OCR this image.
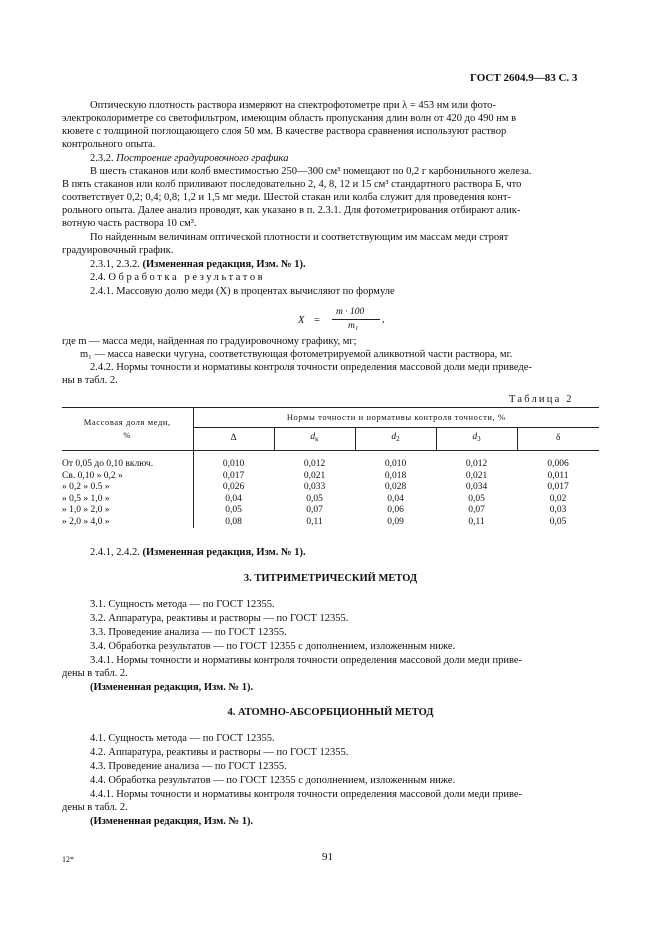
ГОСТ 2604.9—83 С. 3
Оптическую плотность раствора измеряют на спектрофотометре при λ = 453 нм или фото-
электроколориметре со светофильтром, имеющим область пропускания длин волн от 420 до 490 нм в
кювете с толщиной поглощающего слоя 50 мм. В качестве раствора сравнения используют раствор
контрольного опыта.
2.3.2. Построение градуировочного графика
В шесть стаканов или колб вместимостью 250—300 см³ помещают по 0,2 г карбонильного железа.
В пять стаканов или колб приливают последовательно 2, 4, 8, 12 и 15 см³ стандартного раствора Б, что
соответствует 0,2; 0,4; 0,8; 1,2 и 1,5 мг меди. Шестой стакан или колба служит для проведения конт-
рольного опыта. Далее анализ проводят, как указано в п. 2.3.1. Для фотометрирования отбирают алик-
вотную часть раствора 10 см³.
По найденным величинам оптической плотности и соответствующим им массам меди строят
градуировочный график.
2.3.1, 2.3.2. (Измененная редакция, Изм. № 1).
2.4. Обработка результатов
2.4.1. Массовую долю меди (X) в процентах вычисляют по формуле
X =
m · 100
m₁
,
где m — масса меди, найденная по градуировочному графику, мг;
m₁ — масса навески чугуна, соответствующая фотометрируемой аликвотной части раствора, мг.
2.4.2. Нормы точности и нормативы контроля точности определения массовой доли меди приведе-
ны в табл. 2.
Таблица 2
Массовая доля меди, %	Нормы точности и нормативы контроля точности, %				
	Δ	$d_к$	$d_2$	$d_3$	δ

От 0,05 до 0,10 включ.	0,010	0,012	0,010	0,012	0,006
Св. 0,10 » 0,2 »	0,017	0,021	0,018	0,021	0,011
» 0,2 » 0.5 »	0,026	0,033	0,028	0,034	0,017
» 0,5 » 1,0 »	0,04	0,05	0,04	0,05	0,02
» 1,0 » 2,0 »	0,05	0,07	0,06	0,07	0,03
» 2,0 » 4,0 »	0,08	0,11	0,09	0,11	0,05
2.4.1, 2.4.2. (Измененная редакция, Изм. № 1).
3. ТИТРИМЕТРИЧЕСКИЙ МЕТОД
3.1. Сущность метода — по ГОСТ 12355.
3.2. Аппаратура, реактивы и растворы — по ГОСТ 12355.
3.3. Проведение анализа — по ГОСТ 12355.
3.4. Обработка результатов — по ГОСТ 12355 с дополнением, изложенным ниже.
3.4.1. Нормы точности и нормативы контроля точности определения массовой доли меди приве-
дены в табл. 2.
(Измененная редакция, Изм. № 1).
4. АТОМНО-АБСОРБЦИОННЫЙ МЕТОД
4.1. Сущность метода — по ГОСТ 12355.
4.2. Аппаратура, реактивы и растворы — по ГОСТ 12355.
4.3. Проведение анализа — по ГОСТ 12355.
4.4. Обработка результатов — по ГОСТ 12355 с дополнением, изложенным ниже.
4.4.1. Нормы точности и нормативы контроля точности определения массовой доли меди приве-
дены в табл. 2.
(Измененная редакция, Изм. № 1).
12*	91
